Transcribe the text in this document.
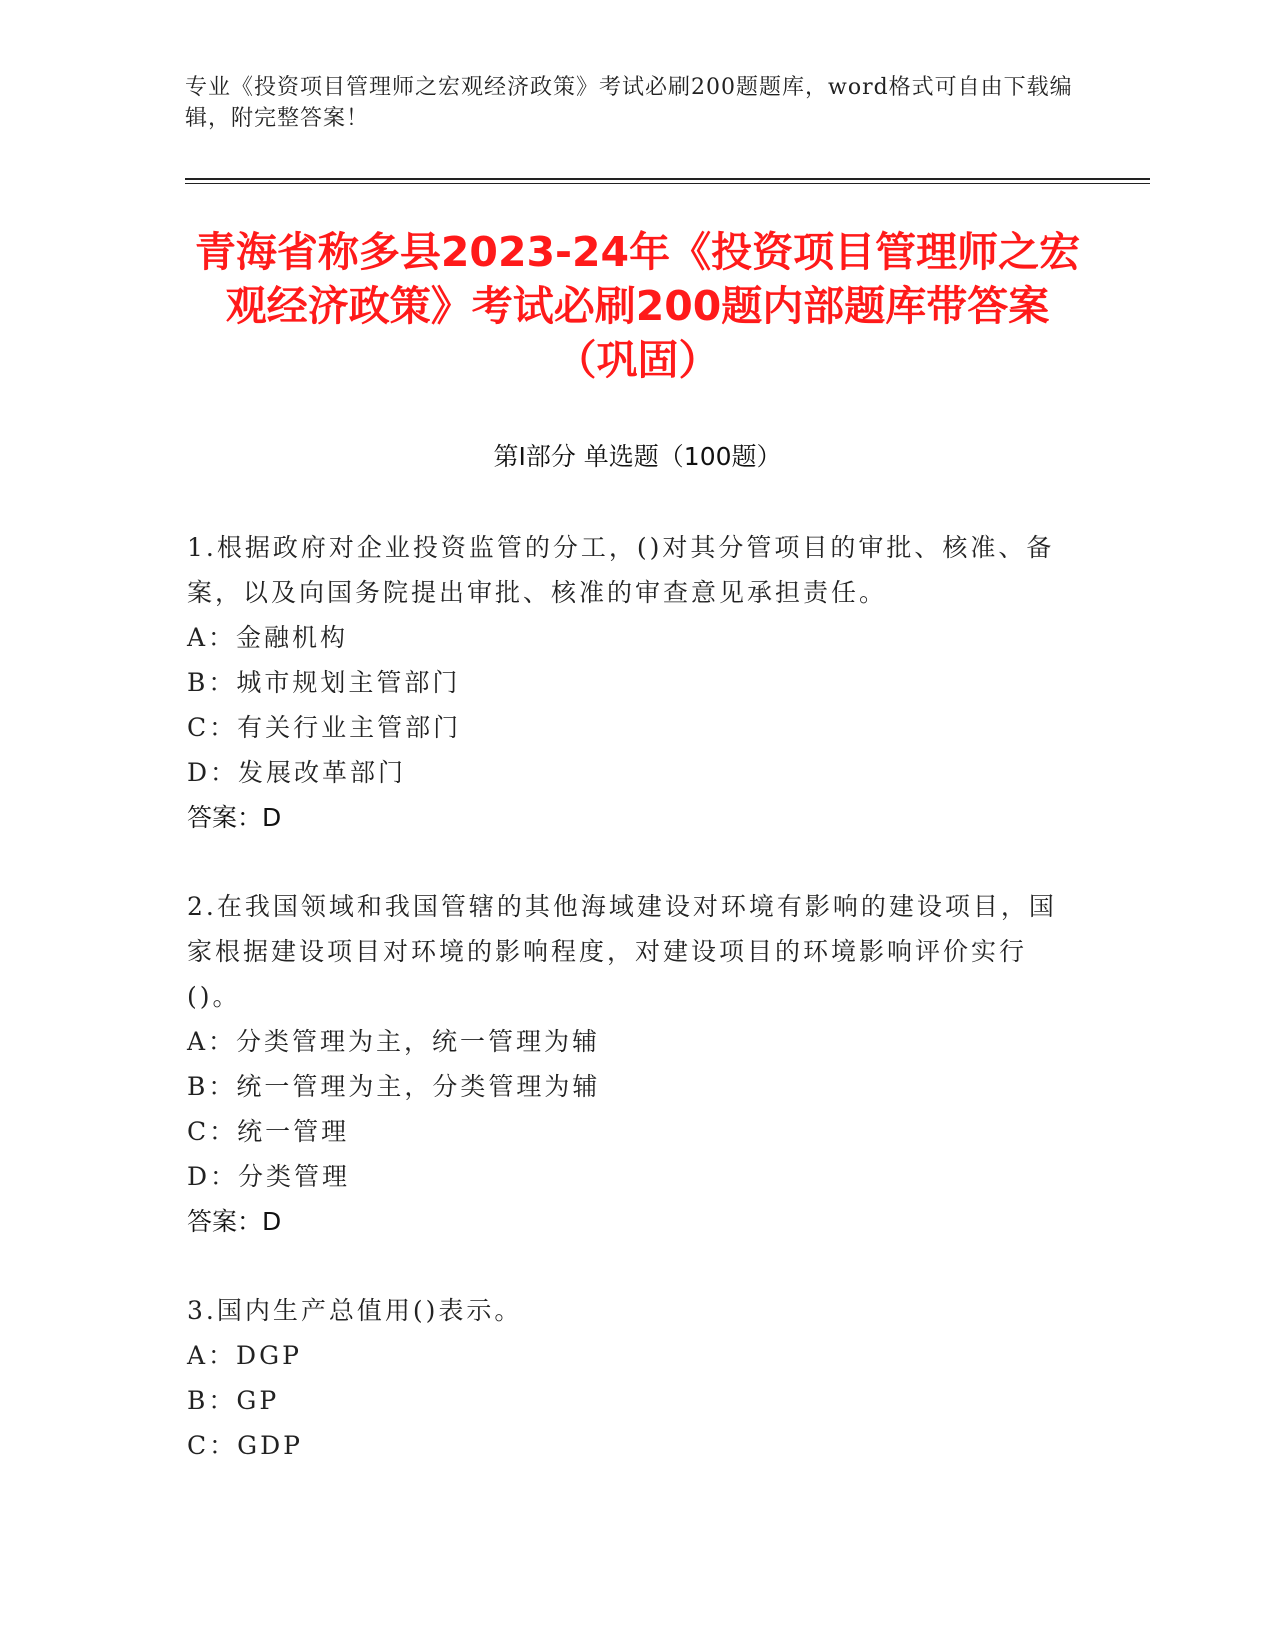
专业《投资项目管理师之宏观经济政策》考试必刷200题题库，word格式可自由下载编辑，附完整答案！
青海省称多县2023-24年《投资项目管理师之宏观经济政策》考试必刷200题内部题库带答案（巩固）
第I部分 单选题（100题）
1.根据政府对企业投资监管的分工，()对其分管项目的审批、核准、备案，以及向国务院提出审批、核准的审查意见承担责任。
A：金融机构
B：城市规划主管部门
C：有关行业主管部门
D：发展改革部门
答案：D
2.在我国领域和我国管辖的其他海域建设对环境有影响的建设项目，国家根据建设项目对环境的影响程度，对建设项目的环境影响评价实行()。
A：分类管理为主，统一管理为辅
B：统一管理为主，分类管理为辅
C：统一管理
D：分类管理
答案：D
3.国内生产总值用()表示。
A：DGP
B：GP
C：GDP
